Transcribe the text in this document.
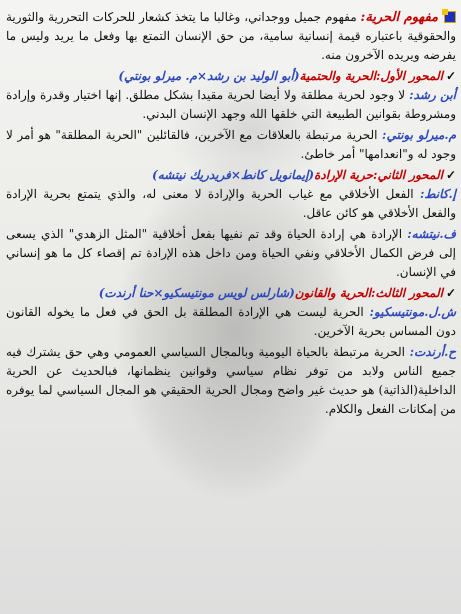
مفهوم الحرية: مفهوم جميل ووجداني، وغالبا ما يتخذ كشعار للحركات التحررية والثورية والحقوقية باعتباره قيمة إنسانية سامية، من حق الإنسان التمتع بها وفعل ما يريد وليس ما يفرضه ويريده الآخرون منه.

✓المحور الأول:الحرية والحتمية(أبو الوليد بن رشد×م. ميرلو بونتي)

أبن رشد: لا وجود لحرية مطلقة ولا أيضا لحرية مقيدا بشكل مطلق. إنها اختيار وقدرة وإرادة ومشروطة بقوانين الطبيعة التي خلقها الله وجهد الإنسان البدني.

م.ميرلو بونتي: الحرية مرتبطة بالعلاقات مع الآخرين، فالقائلين "الحرية المطلقة" هو أمر لا وجود له و"انعدامها" أمر خاطئ.

✓المحور الثاني:حرية الإرادة(إيمانويل كانط×فريدريك نيتشه)

إ.كانط: الفعل الأخلاقي مع غياب الحرية والإرادة لا معنى له، والذي يتمتع بحرية الإرادة والفعل الأخلاقي هو كائن عاقل.

ف.نيتشه: الإرادة هي إرادة الحياة وقد تم نفيها بفعل أخلاقية "المثل الزهدي" الذي يسعى إلى فرض الكمال الأخلاقي ونفي الحياة ومن داخل هذه الإرادة تم إقصاء كل ما هو إنساني في الإنسان.

✓المحور الثالث:الحرية والقانون(شارلس لويس مونتيسكيو×حنا أرندت)

ش.ل.مونتيسكيو: الحرية ليست هي الإرادة المطلقة بل الحق في فعل ما يخوله القانون دون المساس بحرية الآخرين.

ح.أرندت: الحرية مرتبطة بالحياة اليومية وبالمجال السياسي العمومي وهي حق يشترك فيه جميع الناس ولابد من توفر نظام سياسي وقوانين ينظمانها، فبالحديث عن الحرية الداخلية(الذاتية) هو حديث غير واضح ومجال الحرية الحقيقي هو المجال السياسي لما يوفره من إمكانات الفعل والكلام.
